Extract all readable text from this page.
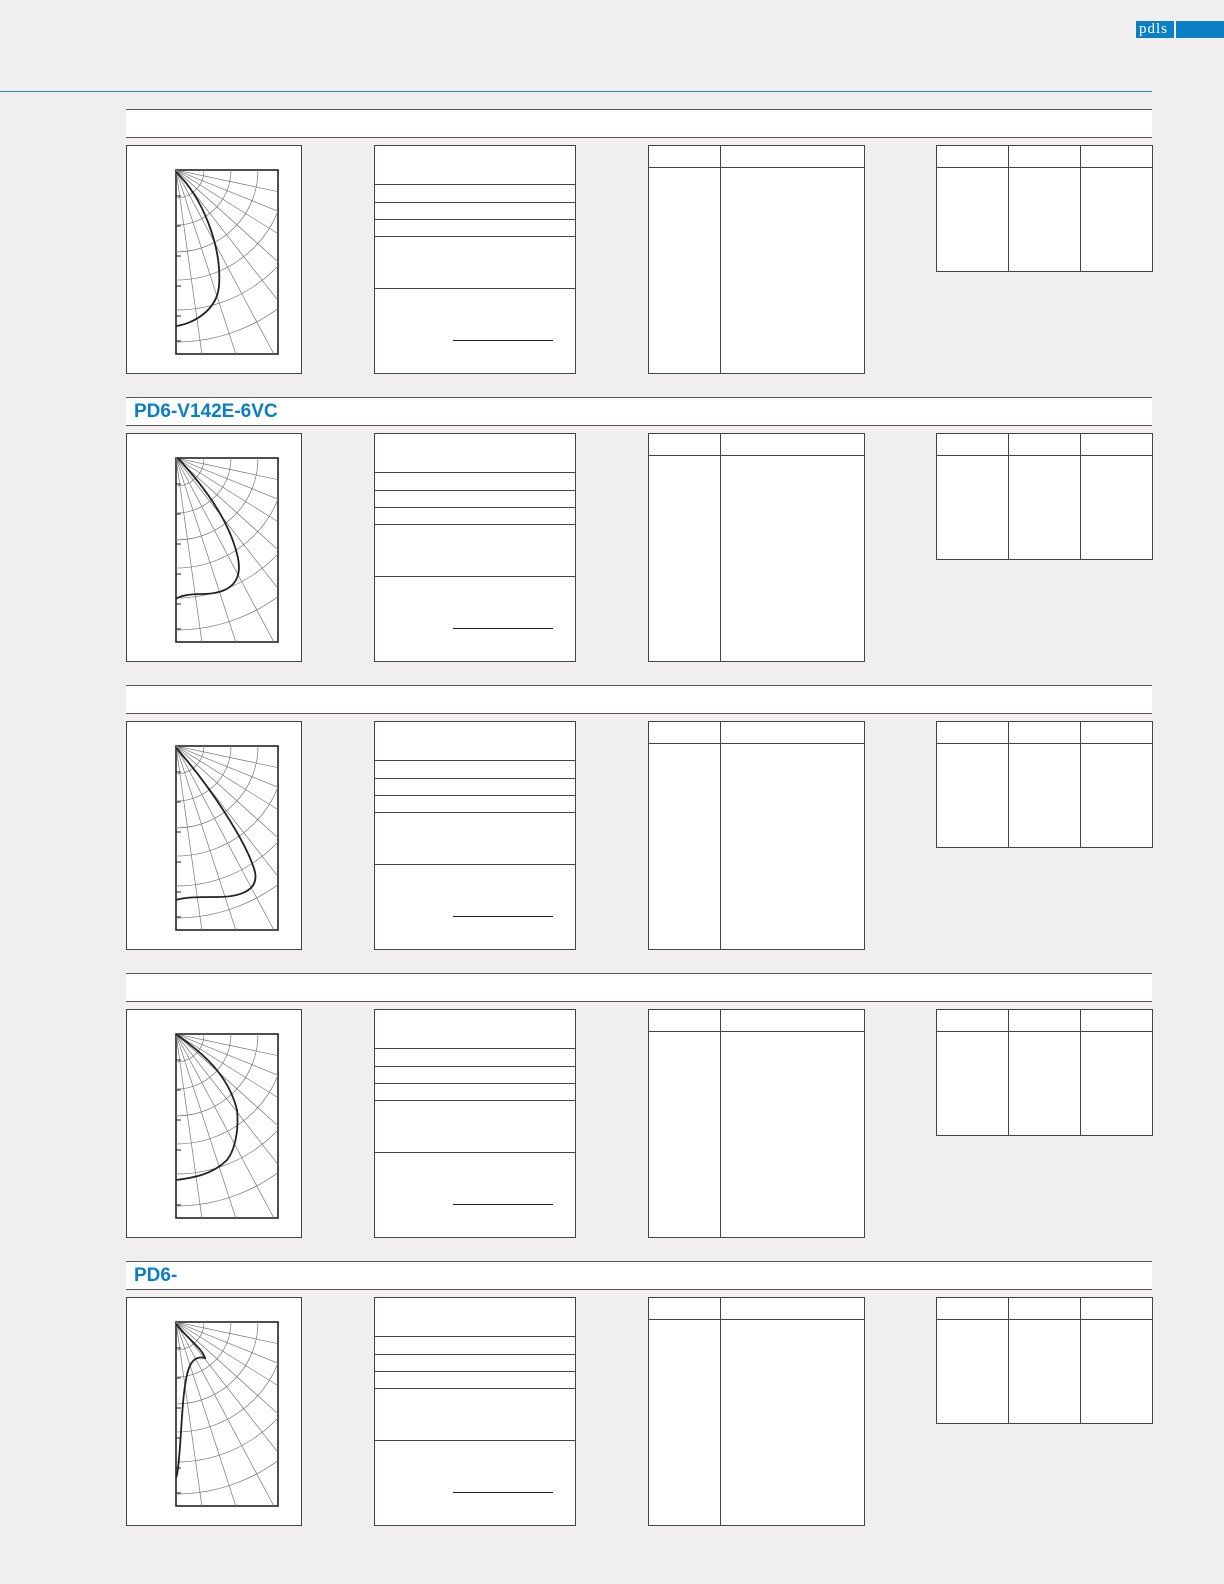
pdls
PD6-V142E-6VC
PD6-
